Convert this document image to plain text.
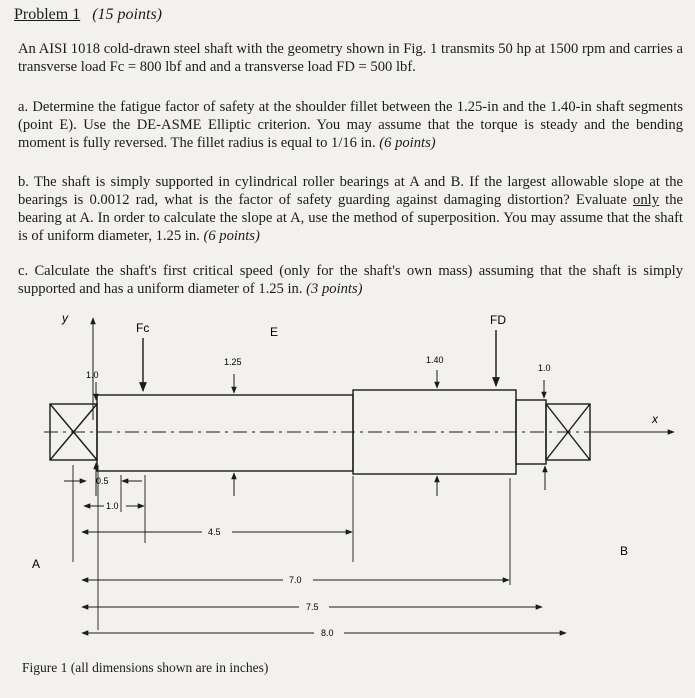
Problem 1 (15 points)
An AISI 1018 cold-drawn steel shaft with the geometry shown in Fig. 1 transmits 50 hp at 1500 rpm and carries a transverse load Fc = 800 lbf and and a transverse load FD = 500 lbf.
a. Determine the fatigue factor of safety at the shoulder fillet between the 1.25-in and the 1.40-in shaft segments (point E). Use the DE-ASME Elliptic criterion. You may assume that the torque is steady and the bending moment is fully reversed. The fillet radius is equal to 1/16 in. (6 points)
b. The shaft is simply supported in cylindrical roller bearings at A and B. If the largest allowable slope at the bearings is 0.0012 rad, what is the factor of safety guarding against damaging distortion? Evaluate only the bearing at A. In order to calculate the slope at A, use the method of superposition. You may assume that the shaft is of uniform diameter, 1.25 in. (6 points)
c. Calculate the shaft's first critical speed (only for the shaft's own mass) assuming that the shaft is simply supported and has a uniform diameter of 1.25 in. (3 points)
y
Fc	E
FD
1.0
1.25	1.40
1.0
x
0.5
1.0
4.5
7.0
7.5
8.0
A
B
Figure 1 (all dimensions shown are in inches)
